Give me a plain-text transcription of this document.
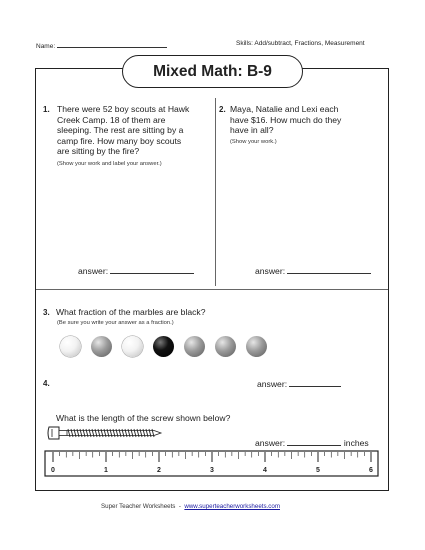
Name:	Skills: Add/subtract, Fractions, Measurement
Mixed Math: B-9
1. There were 52 boy scouts at Hawk
Creek Camp. 18 of them are
sleeping. The rest are sitting by a
camp fire. How many boy scouts
are sitting by the fire?
(Show your work and label your answer.)
answer:
2. Maya, Natalie and Lexi each
have $16. How much do they
have in all?
(Show your work.)
answer:
3. What fraction of the marbles are black?
(Be sure you write your answer as a fraction.)
4.	answer:
What is the length of the screw shown below?
answer:	inches
0	1	2	3	4	5	6
Super Teacher Worksheets - www.superteacherworksheets.com
